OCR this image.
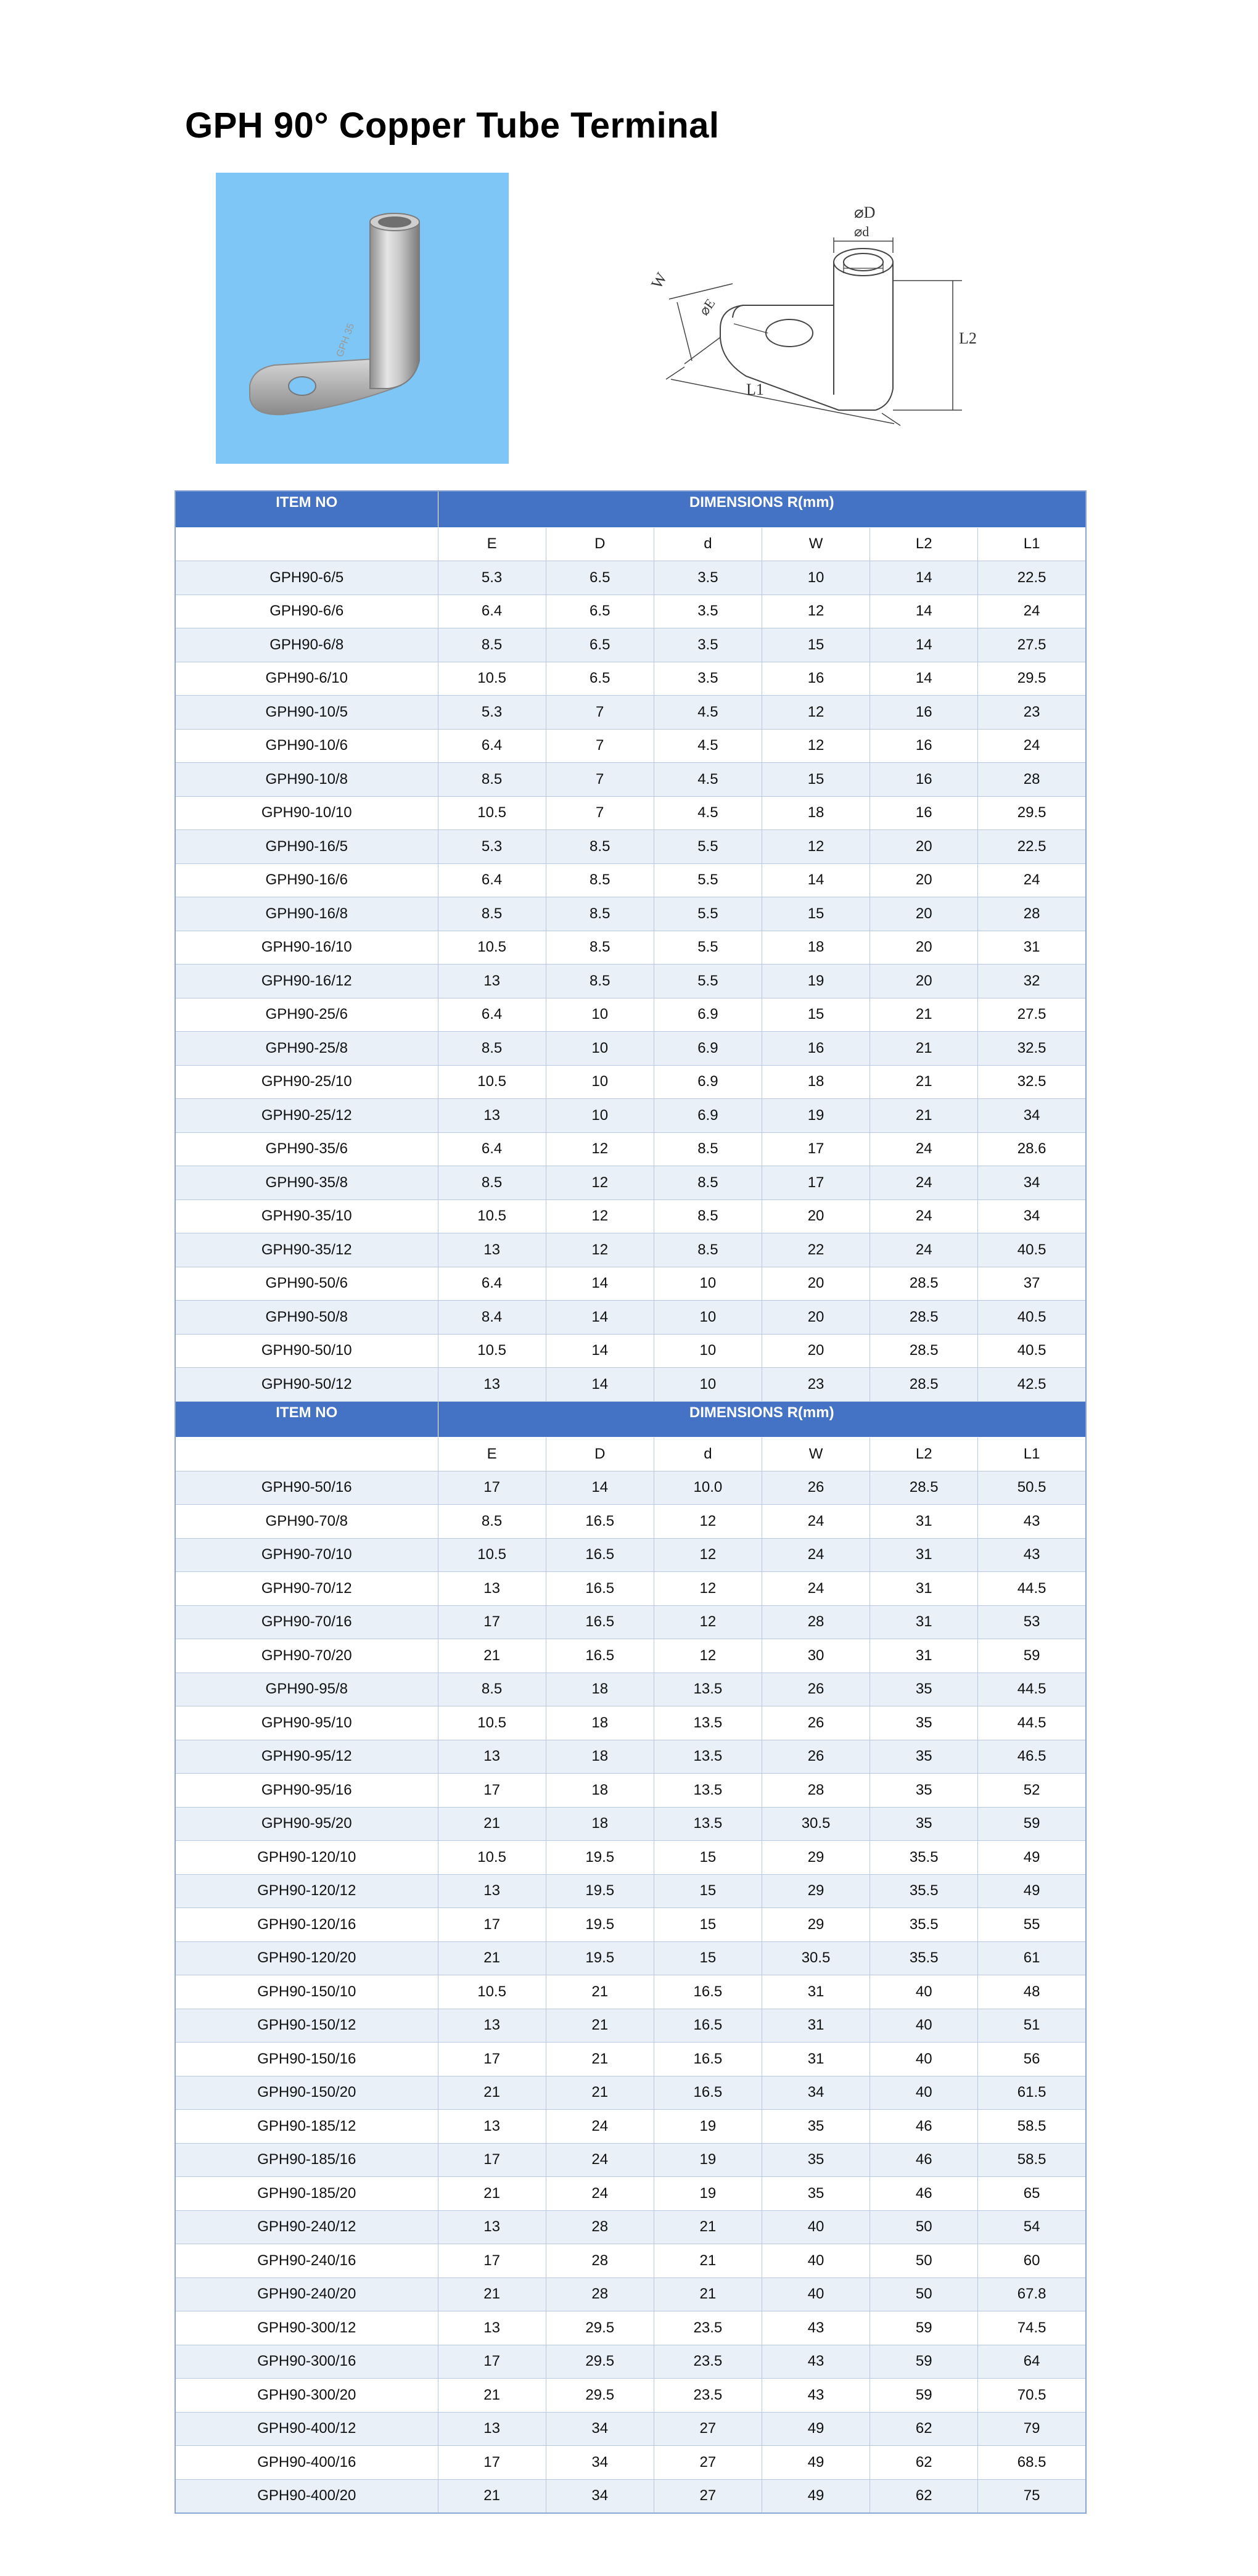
GPH 90° Copper Tube Terminal
GPH 35
⌀D
⌀d
⌀E
W
L2
L1
ITEM NO	DIMENSIONS R(mm)					
	E	D	d	W	L2	L1
GPH90-6/5	5.3	6.5	3.5	10	14	22.5
GPH90-6/6	6.4	6.5	3.5	12	14	24
GPH90-6/8	8.5	6.5	3.5	15	14	27.5
GPH90-6/10	10.5	6.5	3.5	16	14	29.5
GPH90-10/5	5.3	7	4.5	12	16	23
GPH90-10/6	6.4	7	4.5	12	16	24
GPH90-10/8	8.5	7	4.5	15	16	28
GPH90-10/10	10.5	7	4.5	18	16	29.5
GPH90-16/5	5.3	8.5	5.5	12	20	22.5
GPH90-16/6	6.4	8.5	5.5	14	20	24
GPH90-16/8	8.5	8.5	5.5	15	20	28
GPH90-16/10	10.5	8.5	5.5	18	20	31
GPH90-16/12	13	8.5	5.5	19	20	32
GPH90-25/6	6.4	10	6.9	15	21	27.5
GPH90-25/8	8.5	10	6.9	16	21	32.5
GPH90-25/10	10.5	10	6.9	18	21	32.5
GPH90-25/12	13	10	6.9	19	21	34
GPH90-35/6	6.4	12	8.5	17	24	28.6
GPH90-35/8	8.5	12	8.5	17	24	34
GPH90-35/10	10.5	12	8.5	20	24	34
GPH90-35/12	13	12	8.5	22	24	40.5
GPH90-50/6	6.4	14	10	20	28.5	37
GPH90-50/8	8.4	14	10	20	28.5	40.5
GPH90-50/10	10.5	14	10	20	28.5	40.5
GPH90-50/12	13	14	10	23	28.5	42.5
ITEM NO	DIMENSIONS R(mm)					
	E	D	d	W	L2	L1
GPH90-50/16	17	14	10.0	26	28.5	50.5
GPH90-70/8	8.5	16.5	12	24	31	43
GPH90-70/10	10.5	16.5	12	24	31	43
GPH90-70/12	13	16.5	12	24	31	44.5
GPH90-70/16	17	16.5	12	28	31	53
GPH90-70/20	21	16.5	12	30	31	59
GPH90-95/8	8.5	18	13.5	26	35	44.5
GPH90-95/10	10.5	18	13.5	26	35	44.5
GPH90-95/12	13	18	13.5	26	35	46.5
GPH90-95/16	17	18	13.5	28	35	52
GPH90-95/20	21	18	13.5	30.5	35	59
GPH90-120/10	10.5	19.5	15	29	35.5	49
GPH90-120/12	13	19.5	15	29	35.5	49
GPH90-120/16	17	19.5	15	29	35.5	55
GPH90-120/20	21	19.5	15	30.5	35.5	61
GPH90-150/10	10.5	21	16.5	31	40	48
GPH90-150/12	13	21	16.5	31	40	51
GPH90-150/16	17	21	16.5	31	40	56
GPH90-150/20	21	21	16.5	34	40	61.5
GPH90-185/12	13	24	19	35	46	58.5
GPH90-185/16	17	24	19	35	46	58.5
GPH90-185/20	21	24	19	35	46	65
GPH90-240/12	13	28	21	40	50	54
GPH90-240/16	17	28	21	40	50	60
GPH90-240/20	21	28	21	40	50	67.8
GPH90-300/12	13	29.5	23.5	43	59	74.5
GPH90-300/16	17	29.5	23.5	43	59	64
GPH90-300/20	21	29.5	23.5	43	59	70.5
GPH90-400/12	13	34	27	49	62	79
GPH90-400/16	17	34	27	49	62	68.5
GPH90-400/20	21	34	27	49	62	75
